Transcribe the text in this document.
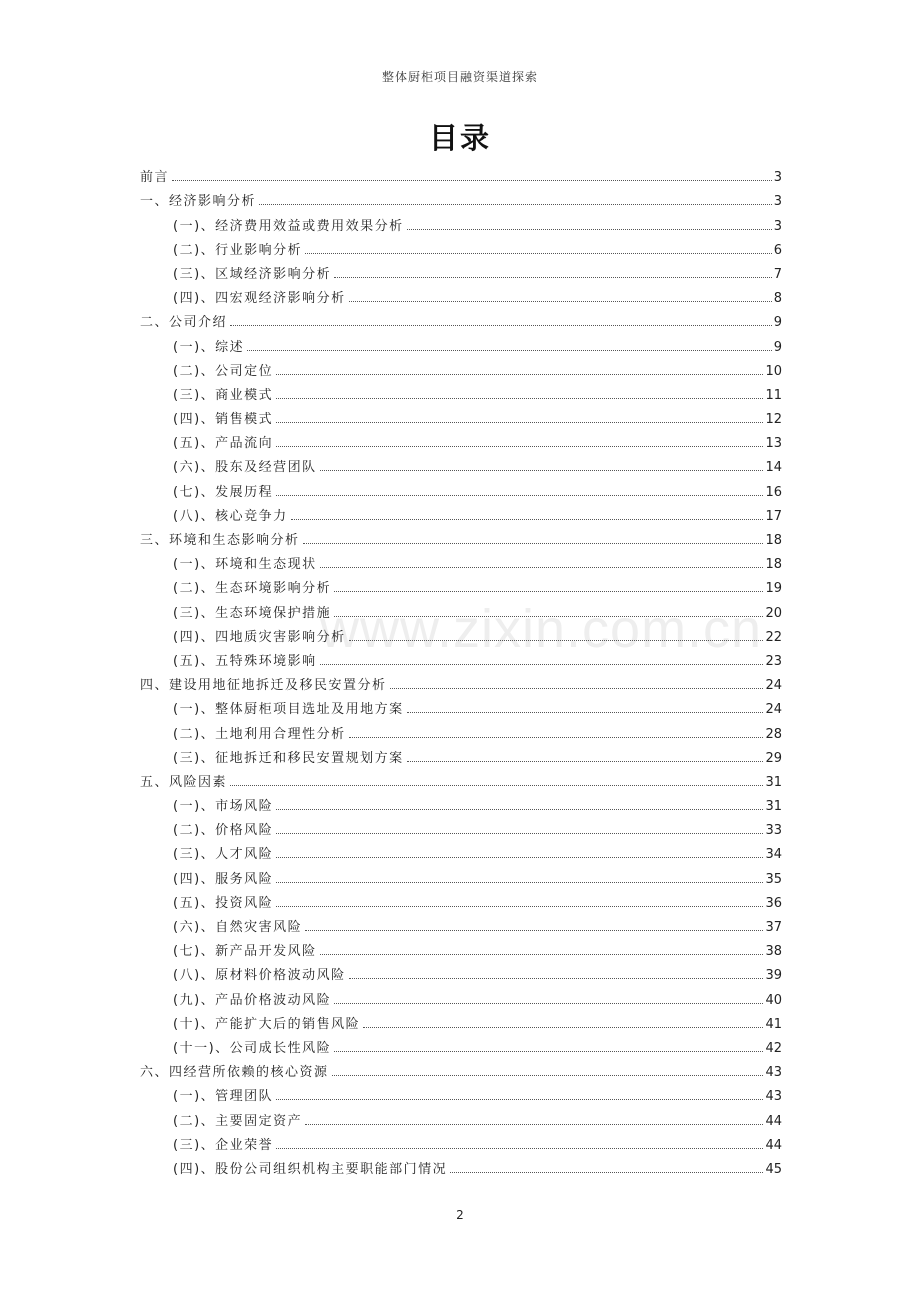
整体厨柜项目融资渠道探索
目录
www.zixin.com.cn
前言	3
一、经济影响分析	3
(一)、经济费用效益或费用效果分析	3
(二)、行业影响分析	6
(三)、区域经济影响分析	7
(四)、四宏观经济影响分析	8
二、公司介绍	9
(一)、综述	9
(二)、公司定位	10
(三)、商业模式	11
(四)、销售模式	12
(五)、产品流向	13
(六)、股东及经营团队	14
(七)、发展历程	16
(八)、核心竞争力	17
三、环境和生态影响分析	18
(一)、环境和生态现状	18
(二)、生态环境影响分析	19
(三)、生态环境保护措施	20
(四)、四地质灾害影响分析	22
(五)、五特殊环境影响	23
四、建设用地征地拆迁及移民安置分析	24
(一)、整体厨柜项目选址及用地方案	24
(二)、土地利用合理性分析	28
(三)、征地拆迁和移民安置规划方案	29
五、风险因素	31
(一)、市场风险	31
(二)、价格风险	33
(三)、人才风险	34
(四)、服务风险	35
(五)、投资风险	36
(六)、自然灾害风险	37
(七)、新产品开发风险	38
(八)、原材料价格波动风险	39
(九)、产品价格波动风险	40
(十)、产能扩大后的销售风险	41
(十一)、公司成长性风险	42
六、四经营所依赖的核心资源	43
(一)、管理团队	43
(二)、主要固定资产	44
(三)、企业荣誉	44
(四)、股份公司组织机构主要职能部门情况	45
2
